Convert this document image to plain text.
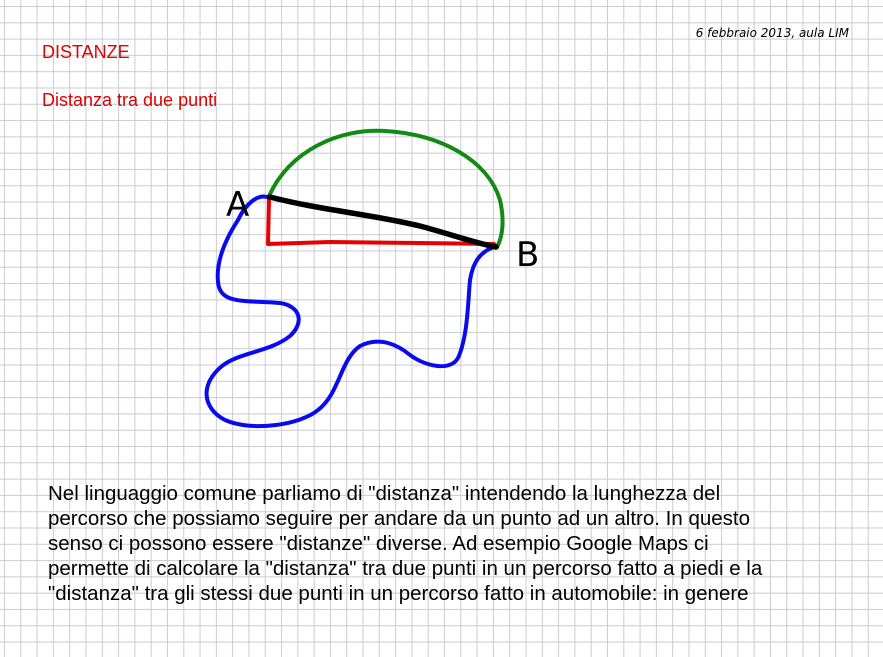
6 febbraio 2013, aula LIM
DISTANZE
Distanza tra due punti
A
B
Nel linguaggio comune parliamo di "distanza" intendendo la lunghezza del
percorso che possiamo seguire per andare da un punto ad un altro. In questo
senso ci possono essere "distanze" diverse. Ad esempio Google Maps ci
permette di calcolare la "distanza" tra due punti in un percorso fatto a piedi e la
"distanza" tra gli stessi due punti in un percorso fatto in automobile: in genere
